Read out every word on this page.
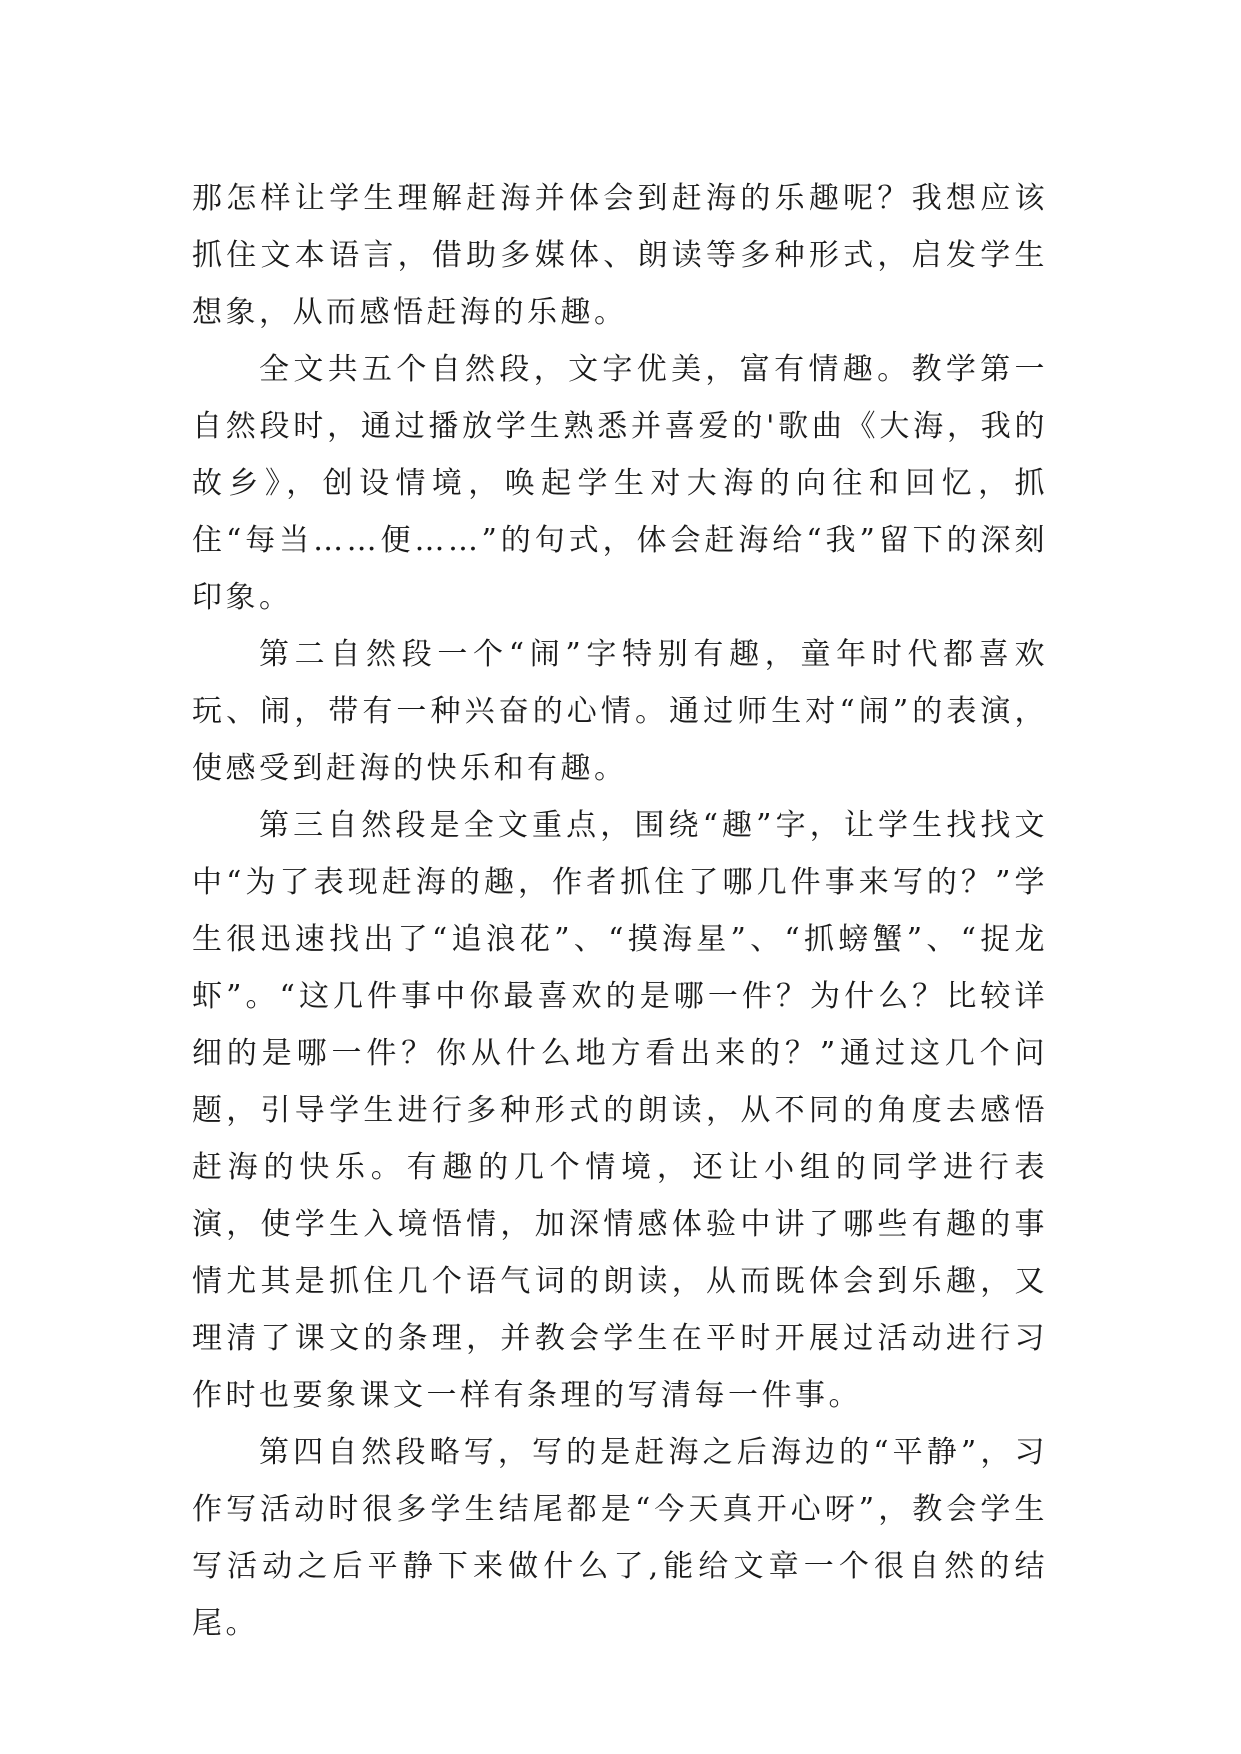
那怎样让学生理解赶海并体会到赶海的乐趣呢？我想应该抓住文本语言，借助多媒体、朗读等多种形式，启发学生想象，从而感悟赶海的乐趣。

全文共五个自然段，文字优美，富有情趣。教学第一自然段时，通过播放学生熟悉并喜爱的'歌曲《大海，我的故乡》，创设情境，唤起学生对大海的向往和回忆，抓住“每当……便……”的句式，体会赶海给“我”留下的深刻印象。

第二自然段一个“闹”字特别有趣，童年时代都喜欢玩、闹，带有一种兴奋的心情。通过师生对“闹”的表演，使感受到赶海的快乐和有趣。

第三自然段是全文重点，围绕“趣”字，让学生找找文中“为了表现赶海的趣，作者抓住了哪几件事来写的？”学生很迅速找出了“追浪花”、“摸海星”、“抓螃蟹”、“捉龙虾”。“这几件事中你最喜欢的是哪一件？为什么？比较详细的是哪一件？你从什么地方看出来的？”通过这几个问题，引导学生进行多种形式的朗读，从不同的角度去感悟赶海的快乐。有趣的几个情境，还让小组的同学进行表演，使学生入境悟情，加深情感体验中讲了哪些有趣的事情尤其是抓住几个语气词的朗读，从而既体会到乐趣，又理清了课文的条理，并教会学生在平时开展过活动进行习作时也要象课文一样有条理的写清每一件事。

第四自然段略写，写的是赶海之后海边的“平静”，习作写活动时很多学生结尾都是“今天真开心呀”，教会学生写活动之后平静下来做什么了,能给文章一个很自然的结尾。
